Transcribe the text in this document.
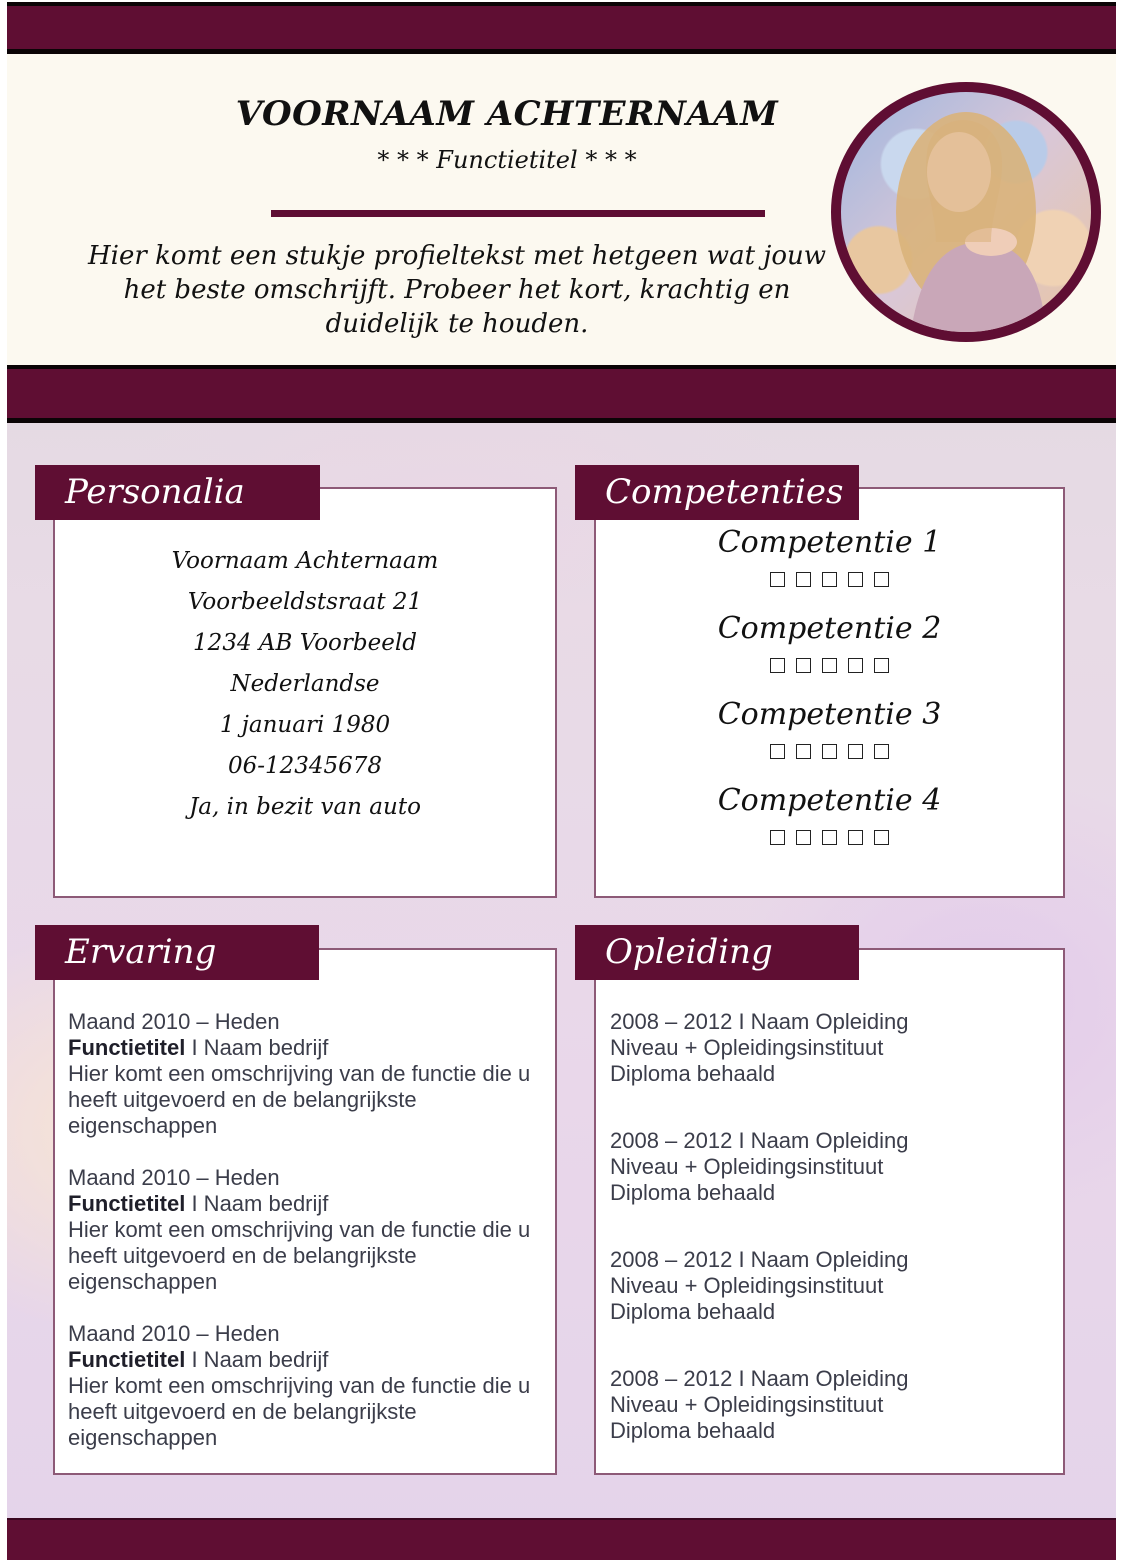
VOORNAAM ACHTERNAAM
* * * Functietitel * * *
Hier komt een stukje profieltekst met hetgeen wat jouw het beste omschrijft. Probeer het kort, krachtig en duidelijk te houden.
Voornaam Achternaam
Voorbeeldstsraat 21
1234 AB Voorbeeld
Nederlandse
1 januari 1980
06-12345678
Ja, in bezit van auto
Personalia
Competentie 1
Competentie 2
Competentie 3
Competentie 4
Competenties
Maand 2010 – Heden
Functietitel I Naam bedrijf
Hier komt een omschrijving van de functie die u heeft uitgevoerd en de belangrijkste eigenschappen
Maand 2010 – Heden
Functietitel I Naam bedrijf
Hier komt een omschrijving van de functie die u heeft uitgevoerd en de belangrijkste eigenschappen
Maand 2010 – Heden
Functietitel I Naam bedrijf
Hier komt een omschrijving van de functie die u heeft uitgevoerd en de belangrijkste eigenschappen
Ervaring
2008 – 2012 I Naam Opleiding
Niveau + Opleidingsinstituut
Diploma behaald
2008 – 2012 I Naam Opleiding
Niveau + Opleidingsinstituut
Diploma behaald
2008 – 2012 I Naam Opleiding
Niveau + Opleidingsinstituut
Diploma behaald
2008 – 2012 I Naam Opleiding
Niveau + Opleidingsinstituut
Diploma behaald
Opleiding
